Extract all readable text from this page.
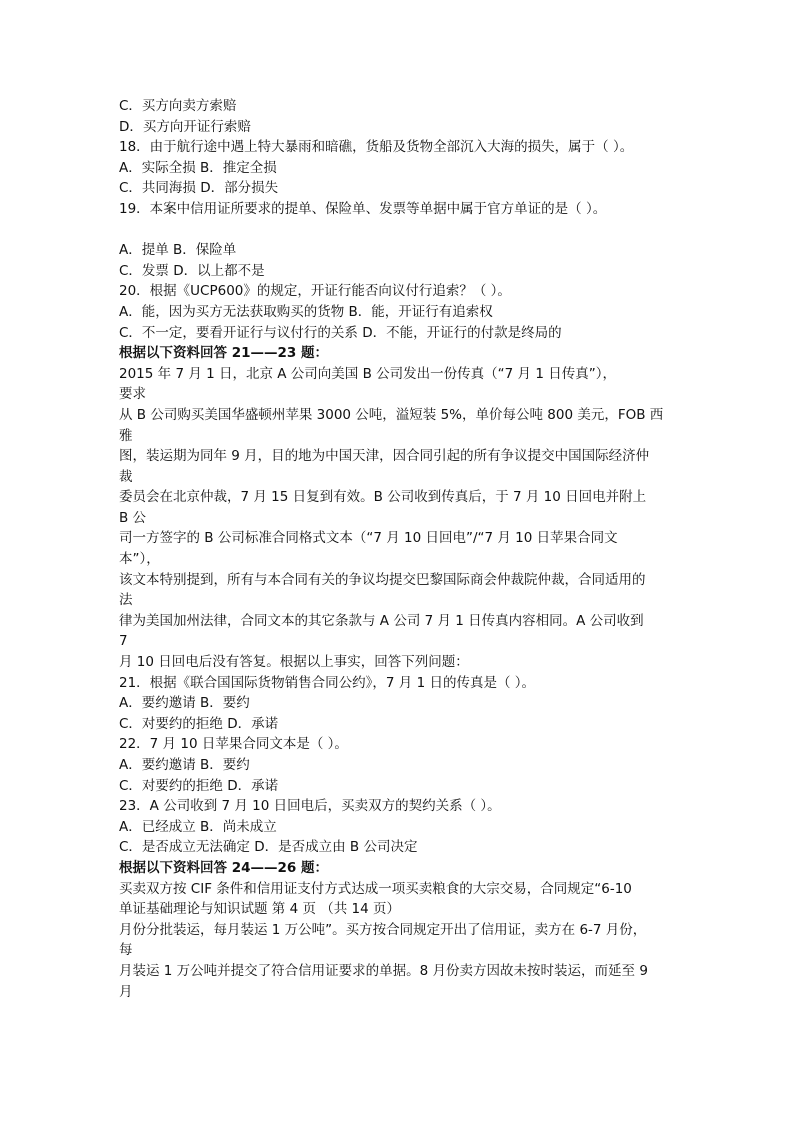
C．买方向卖方索赔
D．买方向开证行索赔
18．由于航行途中遇上特大暴雨和暗礁，货船及货物全部沉入大海的损失，属于（ ）。
A．实际全损 B．推定全损
C．共同海损 D．部分损失
19．本案中信用证所要求的提单、保险单、发票等单据中属于官方单证的是（ ）。
A．提单 B．保险单
C．发票 D．以上都不是
20．根据《UCP600》的规定，开证行能否向议付行追索？（ ）。
A．能，因为买方无法获取购买的货物 B．能，开证行有追索权
C．不一定，要看开证行与议付行的关系 D．不能，开证行的付款是终局的
根据以下资料回答 21——23 题：
2015 年 7 月 1 日，北京 A 公司向美国 B 公司发出一份传真（“7 月 1 日传真”），
要求
从 B 公司购买美国华盛顿州苹果 3000 公吨，溢短装 5%，单价每公吨 800 美元，FOB 西
雅
图，装运期为同年 9 月，目的地为中国天津，因合同引起的所有争议提交中国国际经济仲
裁
委员会在北京仲裁，7 月 15 日复到有效。B 公司收到传真后，于 7 月 10 日回电并附上
B 公
司一方签字的 B 公司标准合同格式文本（“7 月 10 日回电”/“7 月 10 日苹果合同文
本”），
该文本特别提到，所有与本合同有关的争议均提交巴黎国际商会仲裁院仲裁，合同适用的
法
律为美国加州法律，合同文本的其它条款与 A 公司 7 月 1 日传真内容相同。A 公司收到
7
月 10 日回电后没有答复。根据以上事实，回答下列问题：
21．根据《联合国国际货物销售合同公约》，7 月 1 日的传真是（ ）。
A．要约邀请 B．要约
C．对要约的拒绝 D．承诺
22．7 月 10 日苹果合同文本是（ ）。
A．要约邀请 B．要约
C．对要约的拒绝 D．承诺
23．A 公司收到 7 月 10 日回电后，买卖双方的契约关系（ ）。
A．已经成立 B．尚未成立
C．是否成立无法确定 D．是否成立由 B 公司决定
根据以下资料回答 24——26 题：
买卖双方按 CIF 条件和信用证支付方式达成一项买卖粮食的大宗交易，合同规定“6-10
单证基础理论与知识试题 第 4 页 （共 14 页）
月份分批装运，每月装运 1 万公吨”。买方按合同规定开出了信用证，卖方在 6-7 月份，
每
月装运 1 万公吨并提交了符合信用证要求的单据。8 月份卖方因故未按时装运，而延至 9
月
